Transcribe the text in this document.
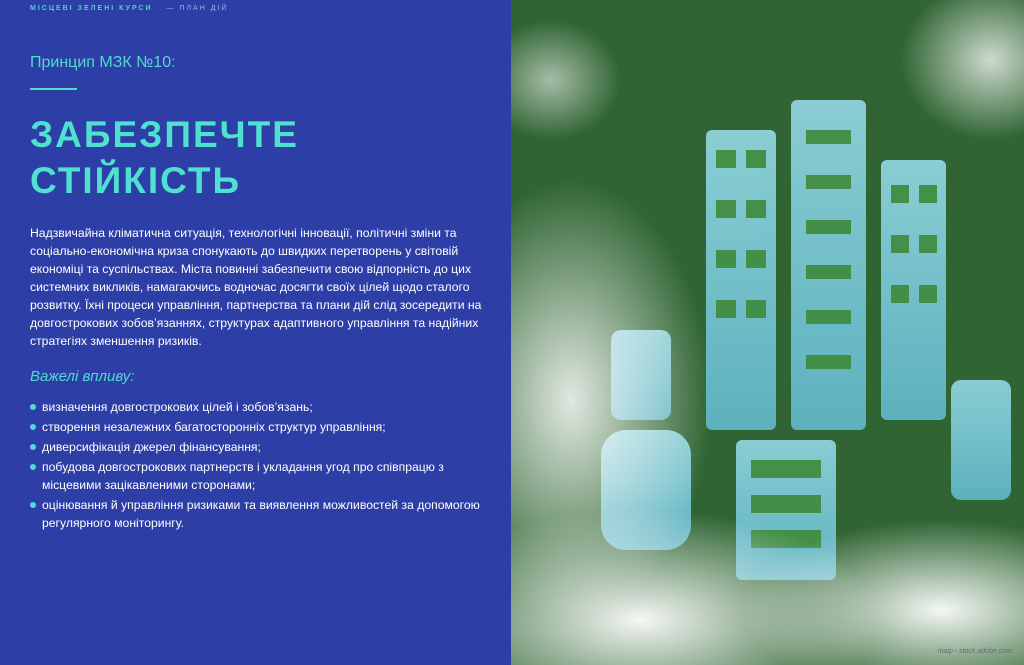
МІСЦЕВІ ЗЕЛЕНІ КУРСИ — ПЛАН ДІЙ
Принцип МЗК №10:
ЗАБЕЗПЕЧТЕ
СТІЙКІСТЬ
Надзвичайна кліматична ситуація, технологічні інновації, політичні зміни та соціально-економічна криза спонукають до швидких перетворень у світовій економіці та суспільствах. Міста повинні забезпечити свою відпорність до цих системних викликів, намагаючись водночас досягти своїх цілей щодо сталого розвитку. Їхні процеси управління, партнерства та плани дій слід зосередити на довгострокових зобов’язаннях, структурах адаптивного управління та надійних стратегіях зменшення ризиків.
Важелі впливу:
визначення довгострокових цілей і зобов’язань;
створення незалежних багатосторонніх структур управління;
диверсифікація джерел фінансування;
побудова довгострокових партнерств і укладання угод про співпрацю з місцевими зацікавленими сторонами;
оцінювання й управління ризиками та виявлення можливостей за допомогою регулярного моніторингу.
malp - stock.adobe.com
